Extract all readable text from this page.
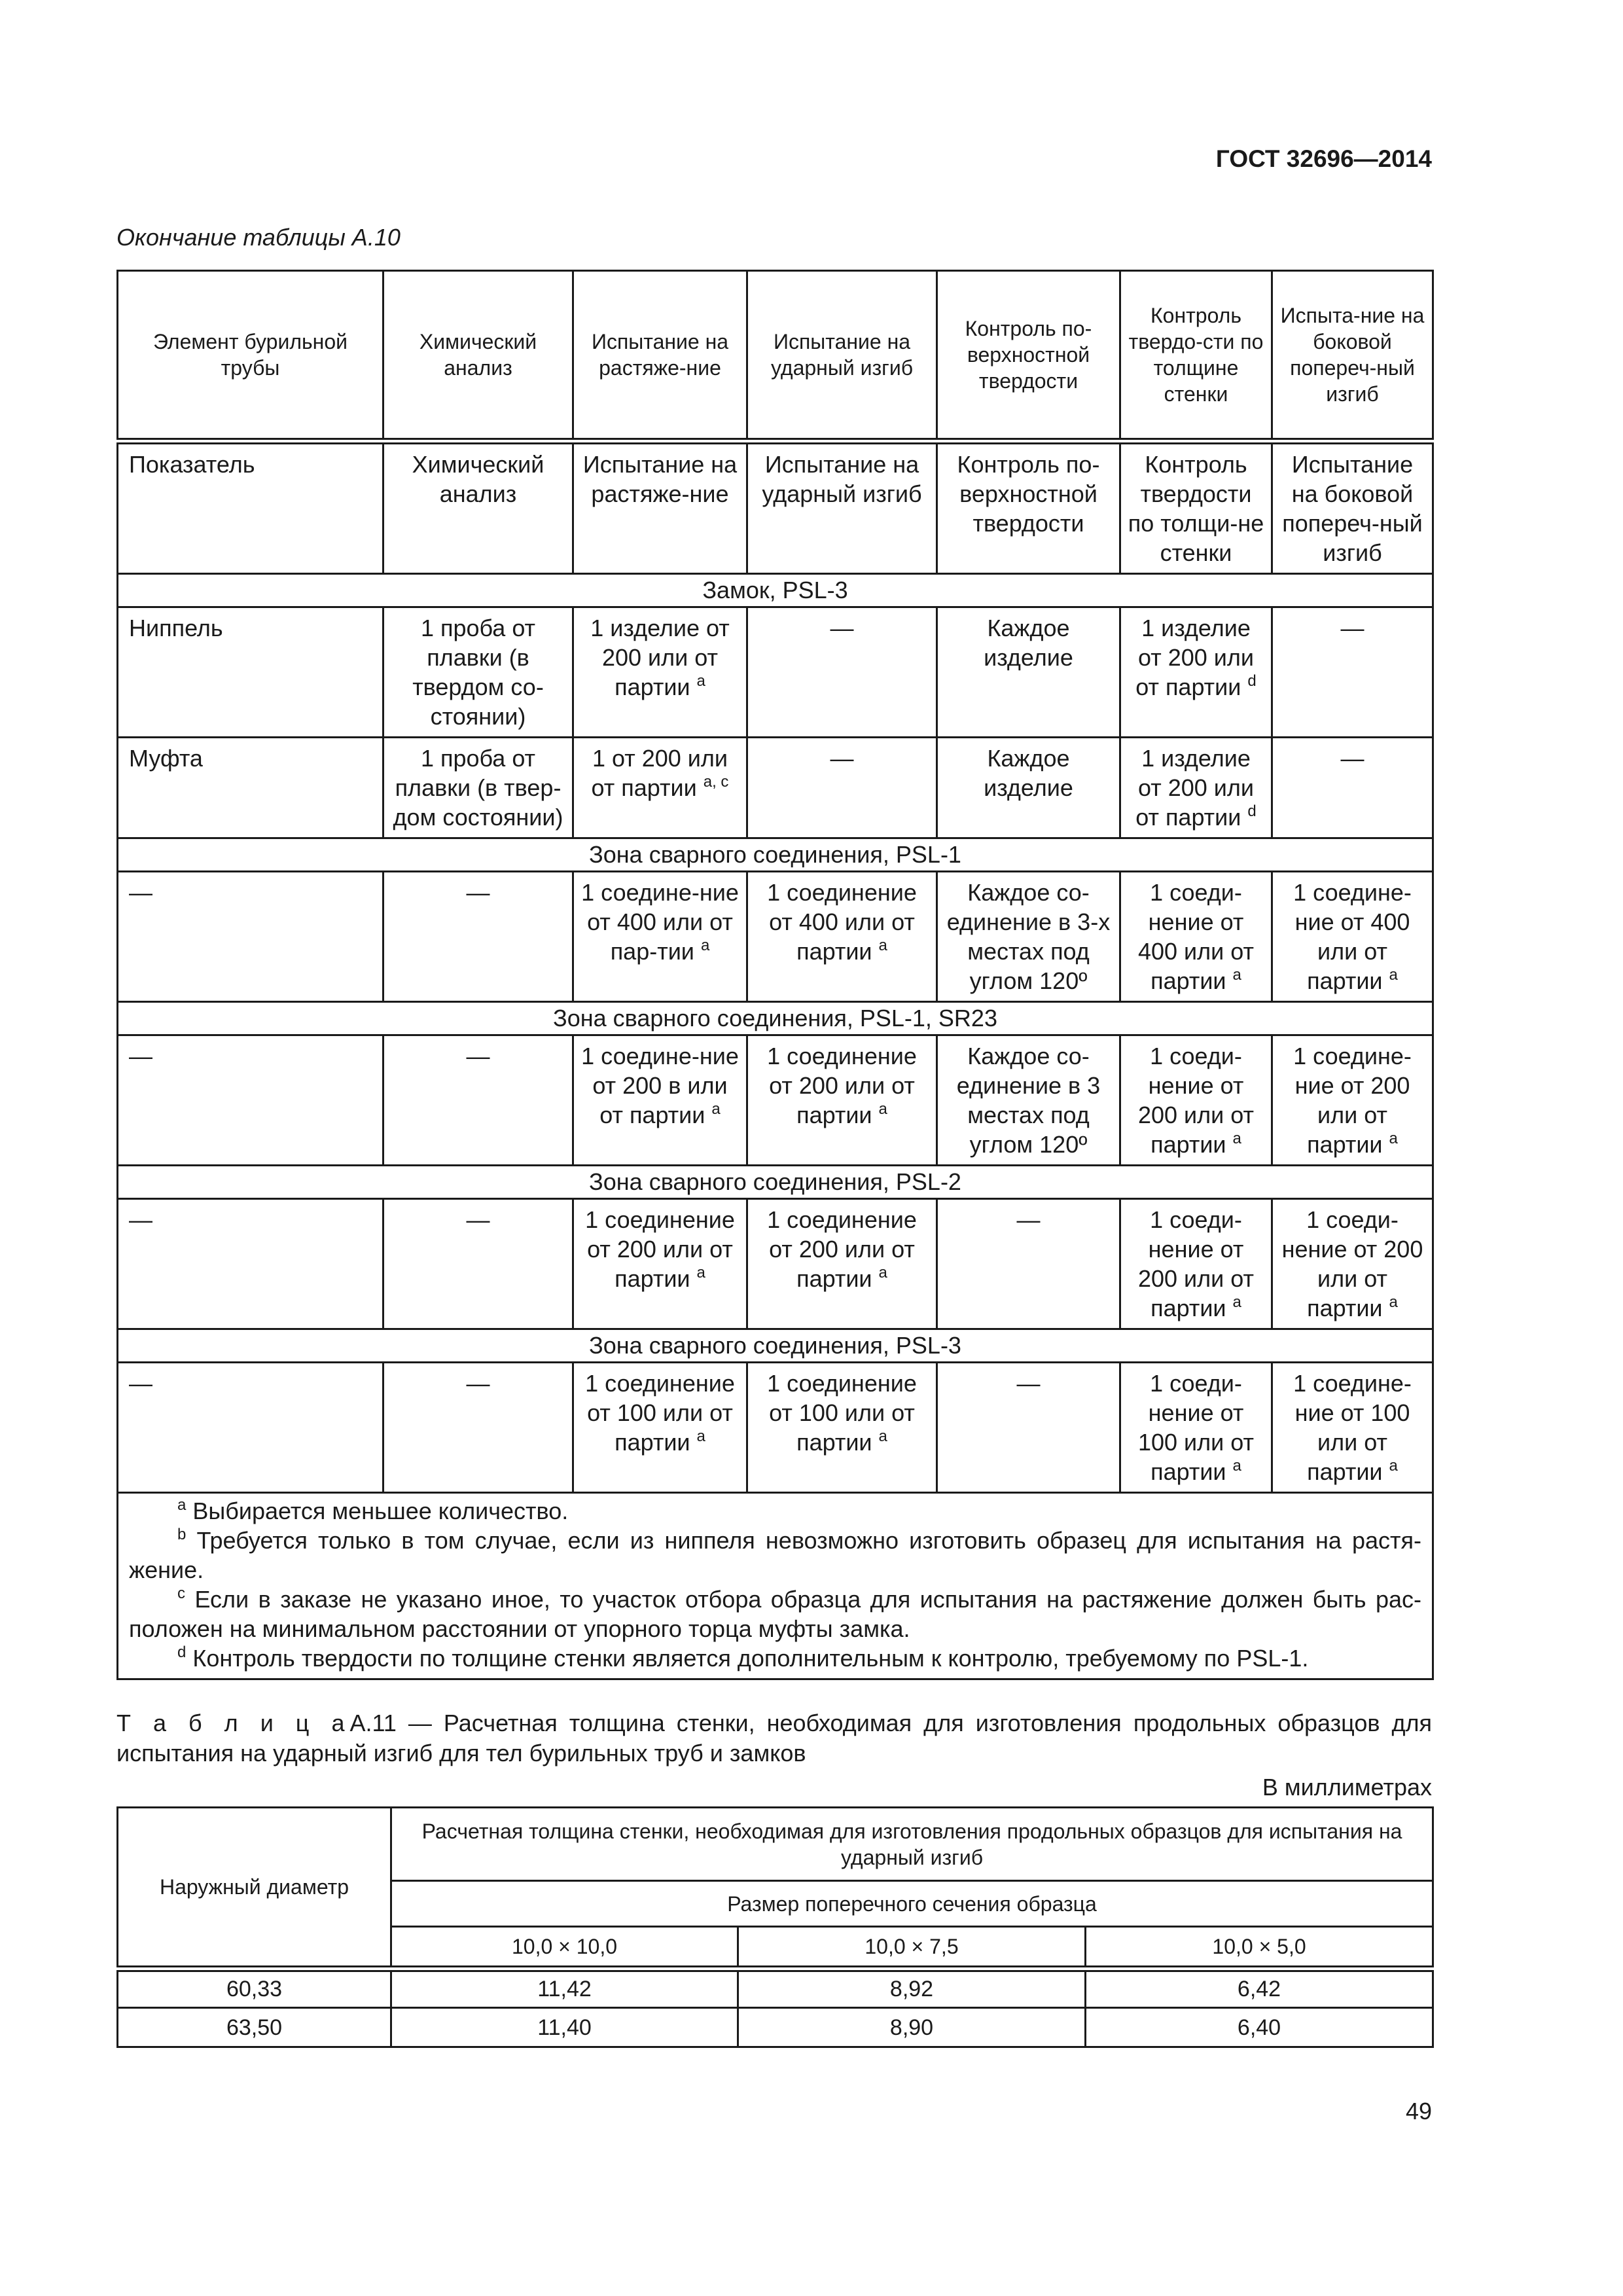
ГОСТ 32696—2014
Окончание таблицы А.10
Элемент бурильной трубы	Химический анализ	Испытание на растяже-ние	Испытание на ударный изгиб	Контроль по-верхностной твердости	Контроль твердо-сти по толщине стенки	Испыта-ние на боковой попереч-ный изгиб
Показатель	Химический анализ	Испытание на растяже-ние	Испытание на ударный изгиб	Контроль по-верхностной твердости	Контроль твердости по толщи-не стенки	Испытание на боковой попереч-ный изгиб
Замок, PSL-3						
Ниппель	1 проба от плавки (в твердом со-стоянии)	1 изделие от 200 или от партии $^a$	—	Каждое изделие	1 изделие от 200 или от партии $^d$	—
Муфта	1 проба от плавки (в твер-дом состоянии)	1 от 200 или от партии $^{a, c}$	—	Каждое изделие	1 изделие от 200 или от партии $^d$	—
Зона сварного соединения, PSL-1						
—	—	1 соедине-ние от 400 или от пар-тии $^a$	1 соединение от 400 или от партии $^a$	Каждое со-единение в 3-х местах под углом 120º	1 соеди-нение от 400 или от партии $^a$	1 соедине-ние от 400 или от партии $^a$
Зона сварного соединения, PSL-1, SR23						
—	—	1 соедине-ние от 200 в или от партии $^a$	1 соединение от 200 или от партии $^a$	Каждое со-единение в 3 местах под углом 120º	1 соеди-нение от 200 или от партии $^a$	1 соедине-ние от 200 или от партии $^a$
Зона сварного соединения, PSL-2						
—	—	1 соединение от 200 или от партии $^a$	1 соединение от 200 или от партии $^a$	—	1 соеди-нение от 200 или от партии $^a$	1 соеди-нение от 200 или от партии $^a$
Зона сварного соединения, PSL-3						
—	—	1 соединение от 100 или от партии $^a$	1 соединение от 100 или от партии $^a$	—	1 соеди-нение от 100 или от партии $^a$	1 соедине-ние от 100 или от партии $^a$

$^a$ Выбирается меньшее количество.

$^b$ Требуется только в том случае, если из ниппеля невозможно изготовить образец для испытания на растя-жение.

$^c$ Если в заказе не указано иное, то участок отбора образца для испытания на растяжение должен быть рас-положен на минимальном расстоянии от упорного торца муфты замка.

$^d$ Контроль твердости по толщине стенки является дополнительным к контролю, требуемому по PSL-1.						

Т а б л и ц аА.11 — Расчетная толщина стенки, необходимая для изготовления продольных образцов для испытания на ударный изгиб для тел бурильных труб и замков
В миллиметрах
Наружный диаметр	Расчетная толщина стенки, необходимая для изготовления продольных образцов для испытания на ударный изгиб		
	Размер поперечного сечения образца		
	10,0 × 10,0	10,0 × 7,5	10,0 × 5,0
60,33	11,42	8,92	6,42
63,50	11,40	8,90	6,40
49
